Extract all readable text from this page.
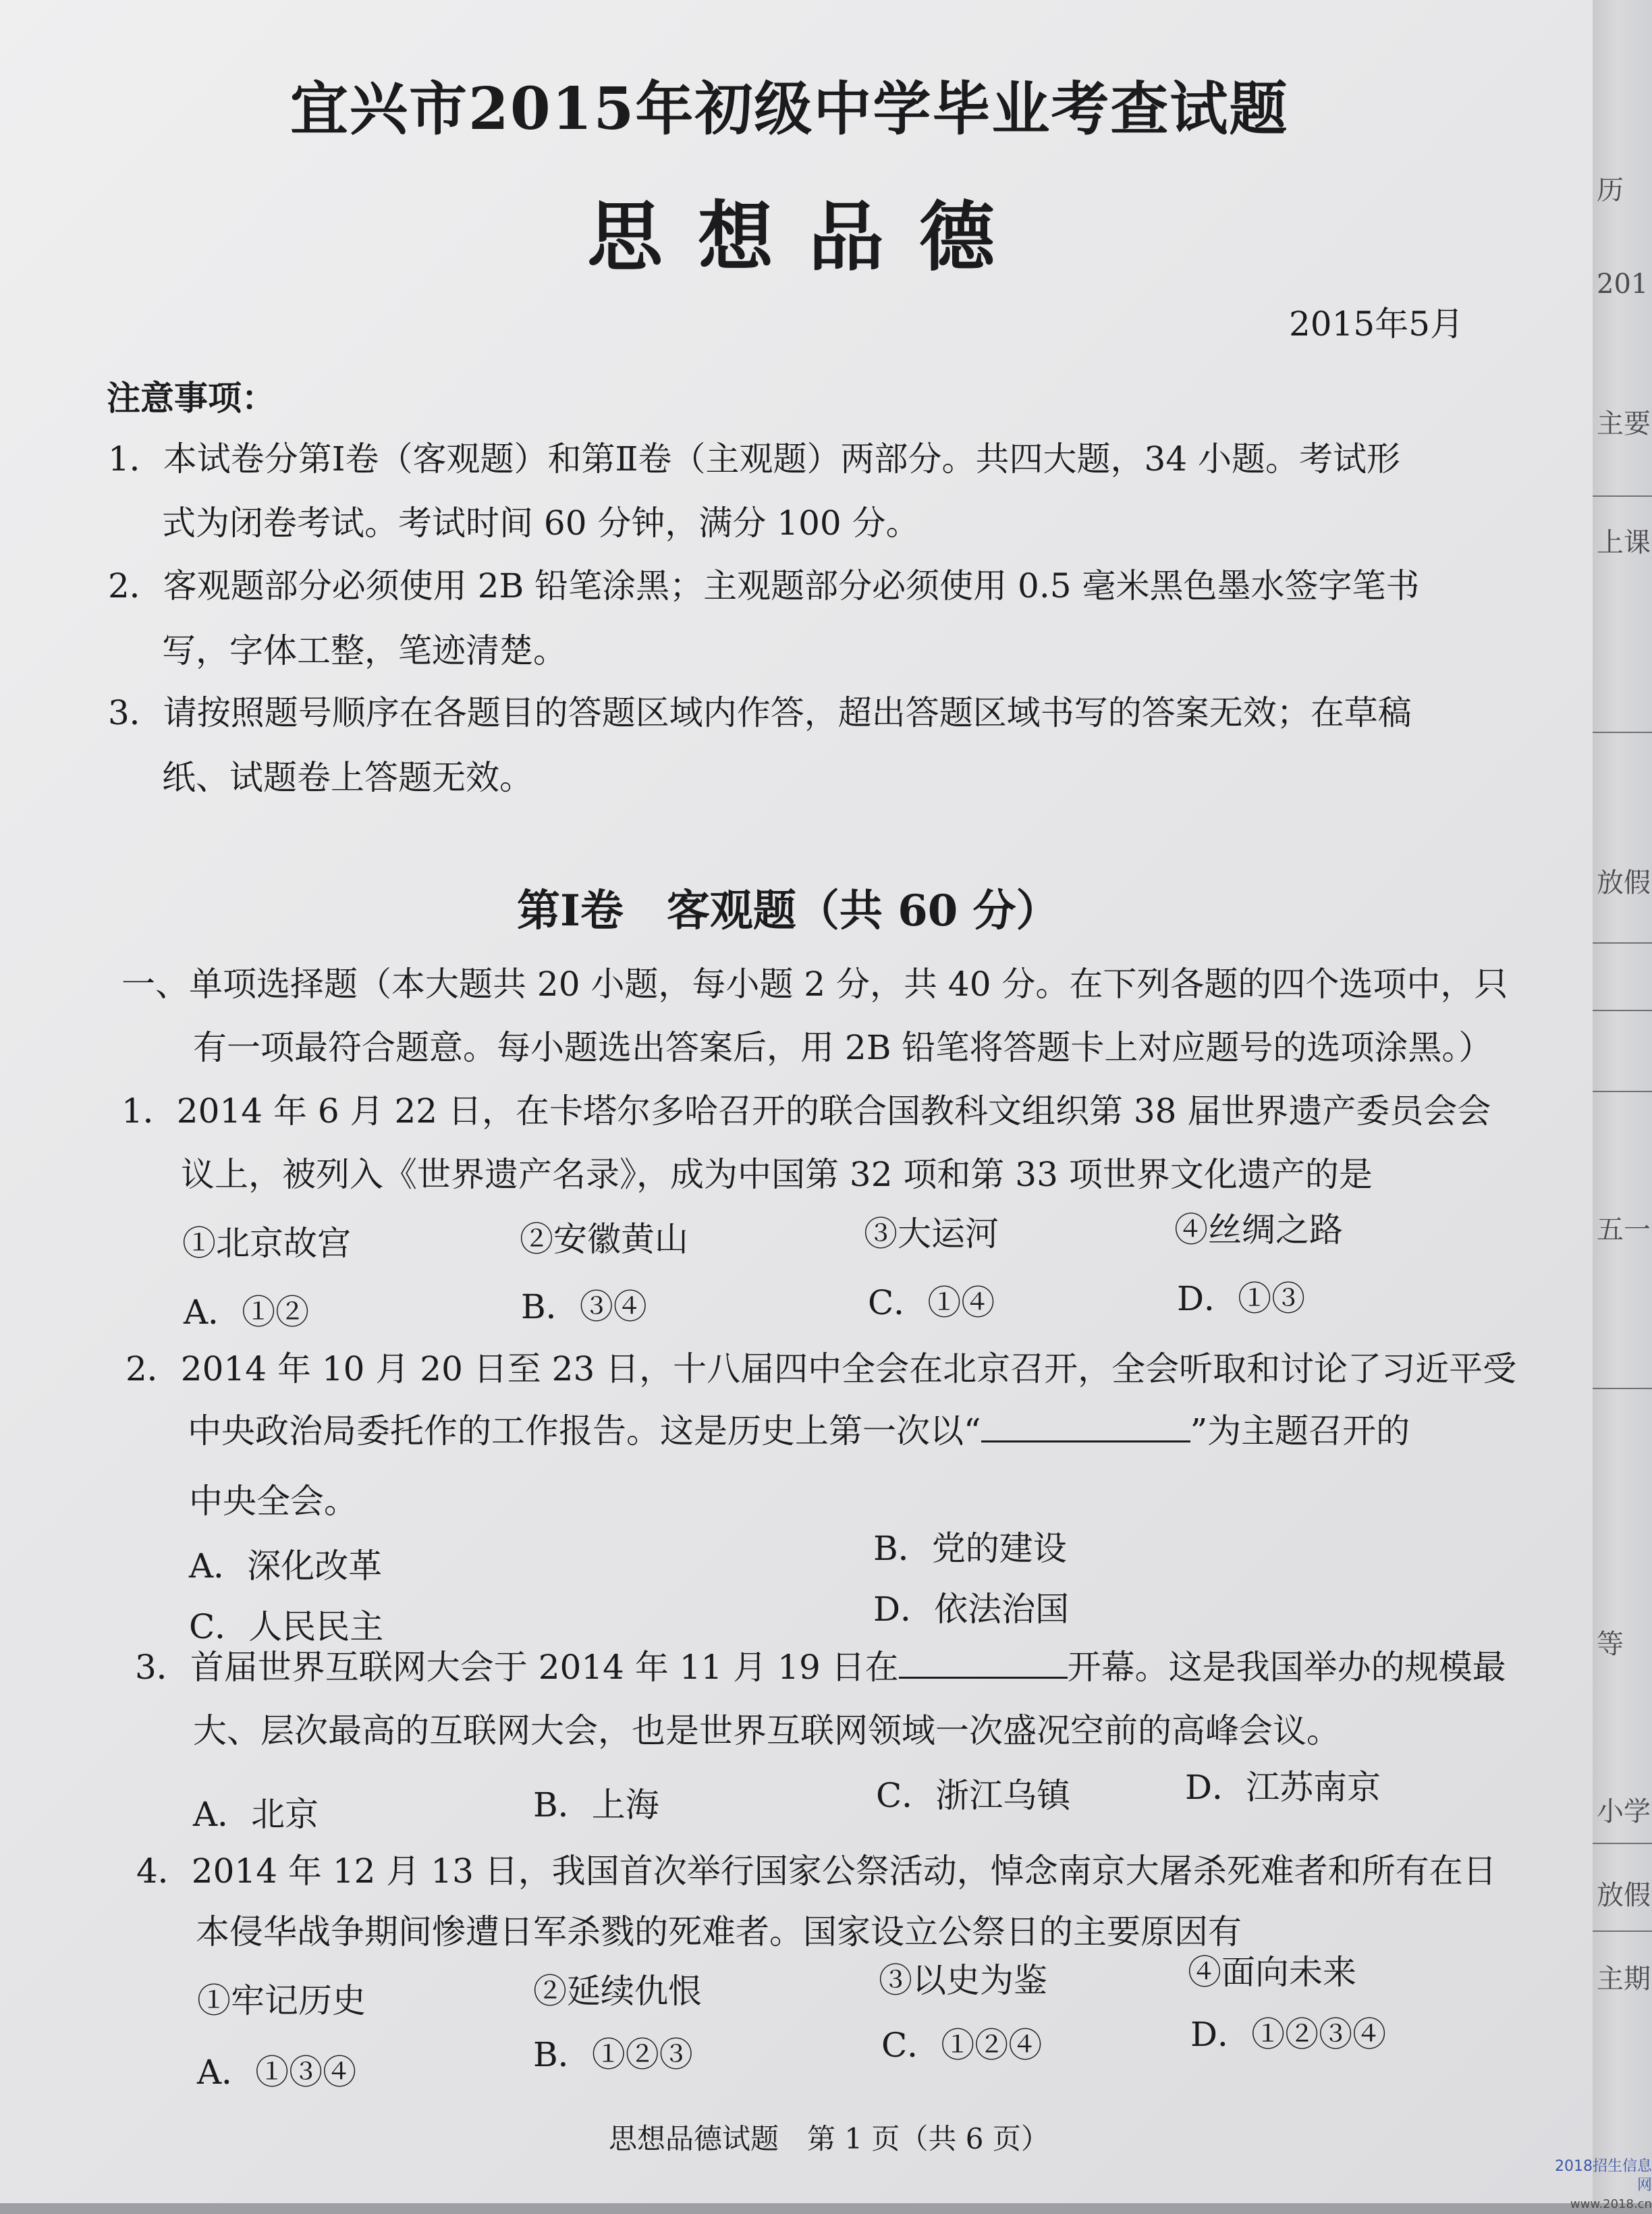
宜兴市2015年初级中学毕业考查试题
思想品德
2015年5月
注意事项：
1．本试卷分第Ⅰ卷（客观题）和第Ⅱ卷（主观题）两部分。共四大题，34 小题。考试形
式为闭卷考试。考试时间 60 分钟，满分 100 分。
2．客观题部分必须使用 2B 铅笔涂黑；主观题部分必须使用 0.5 毫米黑色墨水签字笔书
写，字体工整，笔迹清楚。
3．请按照题号顺序在各题目的答题区域内作答，超出答题区域书写的答案无效；在草稿
纸、试题卷上答题无效。
第Ⅰ卷　客观题（共 60 分）
一、单项选择题（本大题共 20 小题，每小题 2 分，共 40 分。在下列各题的四个选项中，只
有一项最符合题意。每小题选出答案后，用 2B 铅笔将答题卡上对应题号的选项涂黑。）
1．2014 年 6 月 22 日，在卡塔尔多哈召开的联合国教科文组织第 38 届世界遗产委员会会
议上，被列入《世界遗产名录》，成为中国第 32 项和第 33 项世界文化遗产的是
①北京故宫	②安徽黄山	③大运河	④丝绸之路
A．①②	B．③④	C．①④	D．①③
2．2014 年 10 月 20 日至 23 日，十八届四中全会在北京召开，全会听取和讨论了习近平受
中央政治局委托作的工作报告。这是历史上第一次以“	”为主题召开的
中央全会。
A．深化改革	B．党的建设
C．人民民主	D．依法治国
3．首届世界互联网大会于 2014 年 11 月 19 日在	开幕。这是我国举办的规模最
大、层次最高的互联网大会，也是世界互联网领域一次盛况空前的高峰会议。
A．北京	B．上海	C．浙江乌镇	D．江苏南京
4．2014 年 12 月 13 日，我国首次举行国家公祭活动，悼念南京大屠杀死难者和所有在日
本侵华战争期间惨遭日军杀戮的死难者。国家设立公祭日的主要原因有
①牢记历史	②延续仇恨	③以史为鉴	④面向未来
A．①③④	B．①②③	C．①②④	D．①②③④
思想品德试题　第 1 页（共 6 页）
历
201
主要
上课
放假
五一
等
小学
放假
主期
2018招生信息网
www.2018.cn
